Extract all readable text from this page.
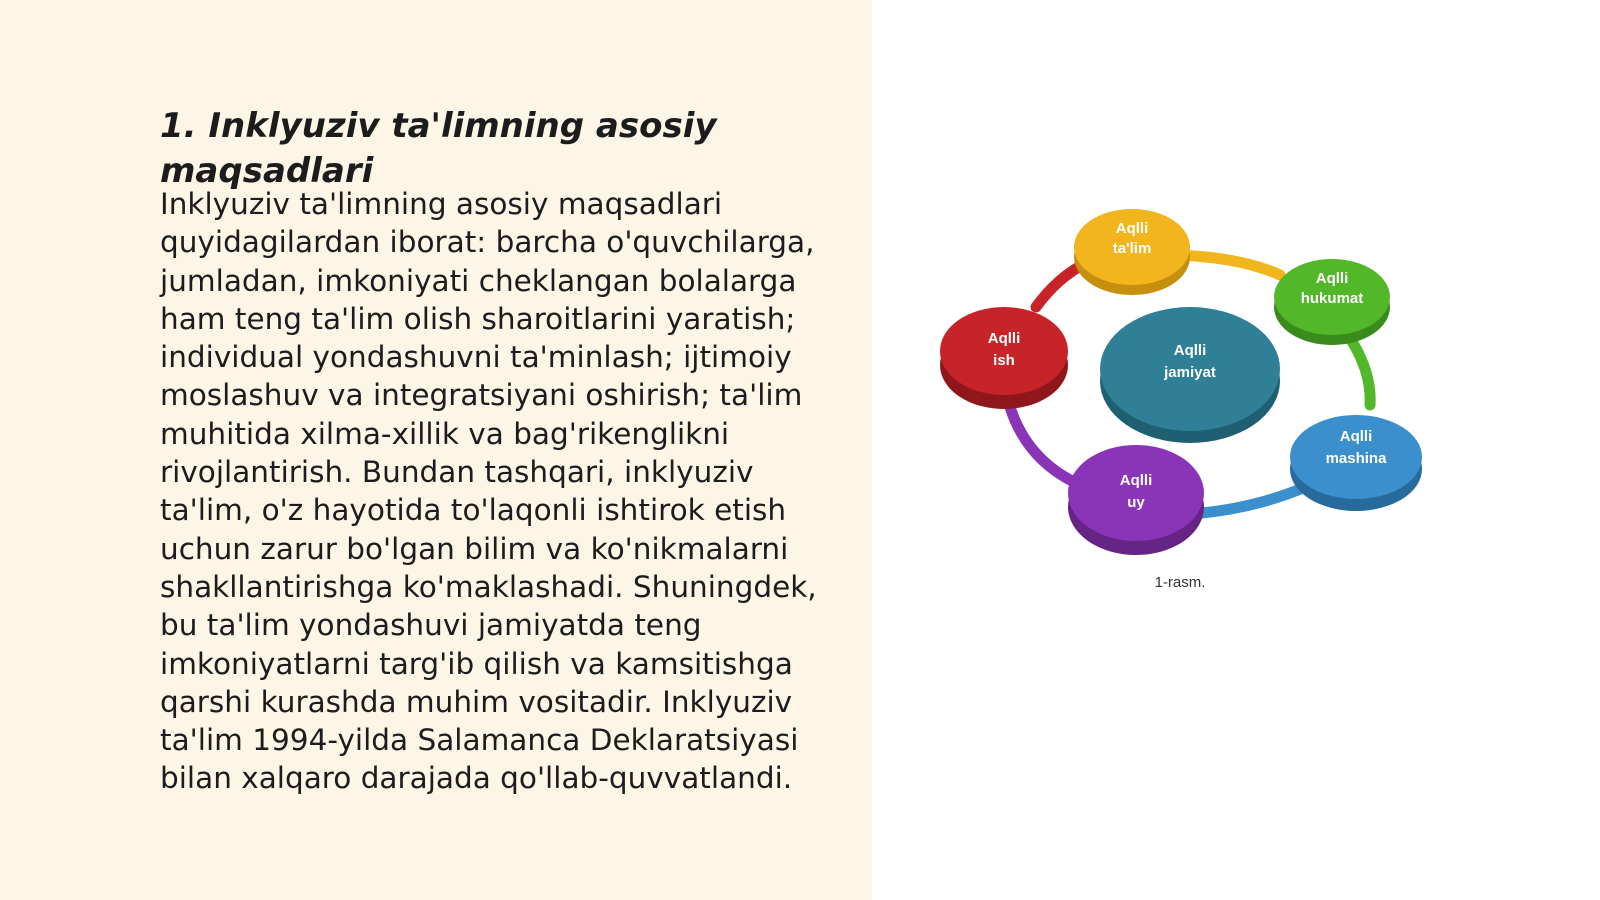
1. Inklyuziv ta'limning asosiy maqsadlari

Inklyuziv ta'limning asosiy maqsadlari quyidagilardan iborat: barcha o'quvchilarga, jumladan, imkoniyati cheklangan bolalarga ham teng ta'lim olish sharoitlarini yaratish; individual yondashuvni ta'minlash; ijtimoiy moslashuv va integratsiyani oshirish; ta'lim muhitida xilma-xillik va bag'rikenglikni rivojlantirish. Bundan tashqari, inklyuziv ta'lim, o'z hayotida to'laqonli ishtirok etish uchun zarur bo'lgan bilim va ko'nikmalarni shakllantirishga ko'maklashadi. Shuningdek, bu ta'lim yondashuvi jamiyatda teng imkoniyatlarni targ'ib qilish va kamsitishga qarshi kurashda muhim vositadir. Inklyuziv ta'lim 1994-yilda Salamanca Deklaratsiyasi bilan xalqaro darajada qo'llab-quvvatlandi.

Aqlli
jamiyat
Aqlli
ta'lim
Aqlli
hukumat
Aqlli
mashina
Aqlli
uy
Aqlli
ish
1-rasm.
